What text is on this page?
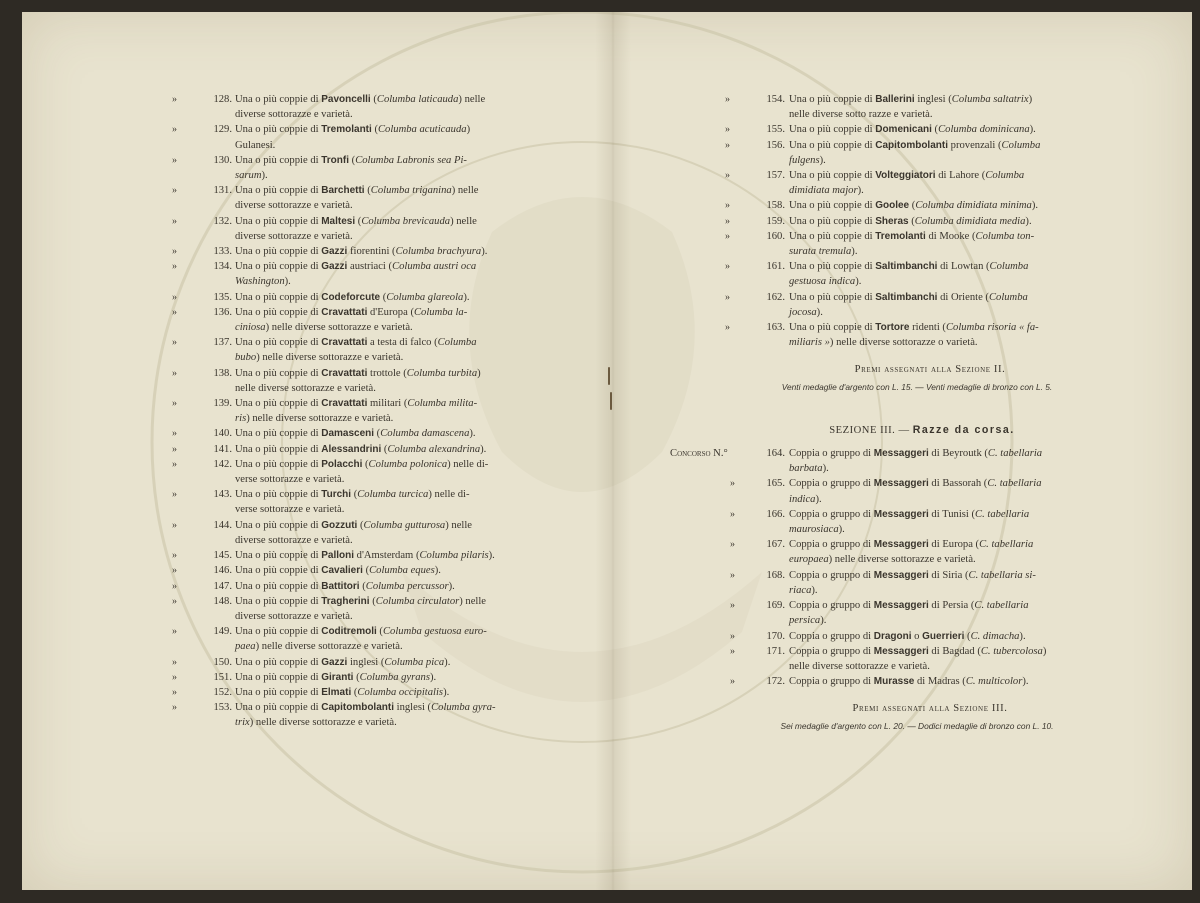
»	128. Una o più coppie di Pavoncelli (Columba laticauda) nelle
diverse sottorazze e varietà.
»	129. Una o più coppie di Tremolanti (Columba acuticauda)
Gulanesi.
»	130. Una o più coppie di Tronfi (Columba Labronis sea Pi-
sarum).
»	131. Una o più coppie di Barchetti (Columba triganina) nelle
diverse sottorazze e varietà.
»	132. Una o più coppie di Maltesi (Columba brevicauda) nelle
diverse sottorazze e varietà.
»	133. Una o più coppie di Gazzi fiorentini (Columba brachyura).
»	134. Una o più coppie di Gazzi austriaci (Columba austri oca
Washington).
»	135. Una o più coppie di Codeforcute (Columba glareola).
»	136. Una o più coppie di Cravattati d'Europa (Columba la-
ciniosa) nelle diverse sottorazze e varietà.
»	137. Una o più coppie di Cravattati a testa di falco (Columba
bubo) nelle diverse sottorazze e varietà.
»	138. Una o più coppie di Cravattati trottole (Columba turbita)
nelle diverse sottorazze e varietà.
»	139. Una o più coppie di Cravattati militari (Columba milita-
ris) nelle diverse sottorazze e varietà.
»	140. Una o più coppie di Damasceni (Columba damascena).
»	141. Una o più coppie di Alessandrini (Columba alexandrina).
»	142. Una o più coppie di Polacchi (Columba polonica) nelle di-
verse sottorazze e varietà.
»	143. Una o più coppie di Turchi (Columba turcica) nelle di-
verse sottorazze e varietà.
»	144. Una o più coppie di Gozzuti (Columba gutturosa) nelle
diverse sottorazze e varietà.
»	145. Una o più coppie di Palloni d'Amsterdam (Columba pilaris).
»	146. Una o più coppie di Cavalieri (Columba eques).
»	147. Una o più coppie di Battitori (Columba percussor).
»	148. Una o più coppie di Tragherini (Columba circulator) nelle
diverse sottorazze e varietà.
»	149. Una o più coppie di Coditremoli (Columba gestuosa euro-
paea) nelle diverse sottorazze e varietà.
»	150. Una o più coppie di Gazzi inglesi (Columba pica).
»	151. Una o più coppie di Giranti (Columba gyrans).
»	152. Una o più coppie di Elmati (Columba occipitalis).
»	153. Una o più coppie di Capitombolanti inglesi (Columba gyra-
trix) nelle diverse sottorazze e varietà.
»	154. Una o più coppie di Ballerini inglesi (Columba saltatrix)
nelle diverse sotto razze e varietà.
»	155. Una o più coppie di Domenicani (Columba dominicana).
»	156. Una o più coppie di Capitombolanti provenzali (Columba
fulgens).
»	157. Una o più coppie di Volteggiatori di Lahore (Columba
dimidiata major).
»	158. Una o più coppie di Goolee (Columba dimidiata minima).
»	159. Una o più coppie di Sheras (Columba dimidiata media).
»	160. Una o più coppie di Tremolanti di Mooke (Columba ton-
surata tremula).
»	161. Una o più coppie di Saltimbanchi di Lowtan (Columba
gestuosa indica).
»	162. Una o più coppie di Saltimbanchi di Oriente (Columba
jocosa).
»	163. Una o più coppie di Tortore ridenti (Columba risoria « fa-
miliaris ») nelle diverse sottorazze o varietà.
Premi assegnati alla Sezione II.
Venti medaglie d'argento con L. 15. — Venti medaglie di bronzo con L. 5.
SEZIONE III. — Razze da corsa.
Concorso N.°	164. Coppia o gruppo di Messaggeri di Beyroutk (C. tabellaria
barbata).
»	165. Coppia o gruppo di Messaggeri di Bassorah (C. tabellaria
indica).
»	166. Coppia o gruppo di Messaggeri di Tunisi (C. tabellaria
maurosiaca).
»	167. Coppia o gruppo di Messaggeri di Europa (C. tabellaria
europaea) nelle diverse sottorazze e varietà.
»	168. Coppia o gruppo di Messaggeri di Siria (C. tabellaria si-
riaca).
»	169. Coppia o gruppo di Messaggeri di Persia (C. tabellaria
persica).
»	170. Coppia o gruppo di Dragoni o Guerrieri (C. dimacha).
»	171. Coppia o gruppo di Messaggeri di Bagdad (C. tubercolosa)
nelle diverse sottorazze e varietà.
»	172. Coppia o gruppo di Murasse di Madras (C. multicolor).
Premi assegnati alla Sezione III.
Sei medaglie d'argento con L. 20. — Dodici medaglie di bronzo con L. 10.
